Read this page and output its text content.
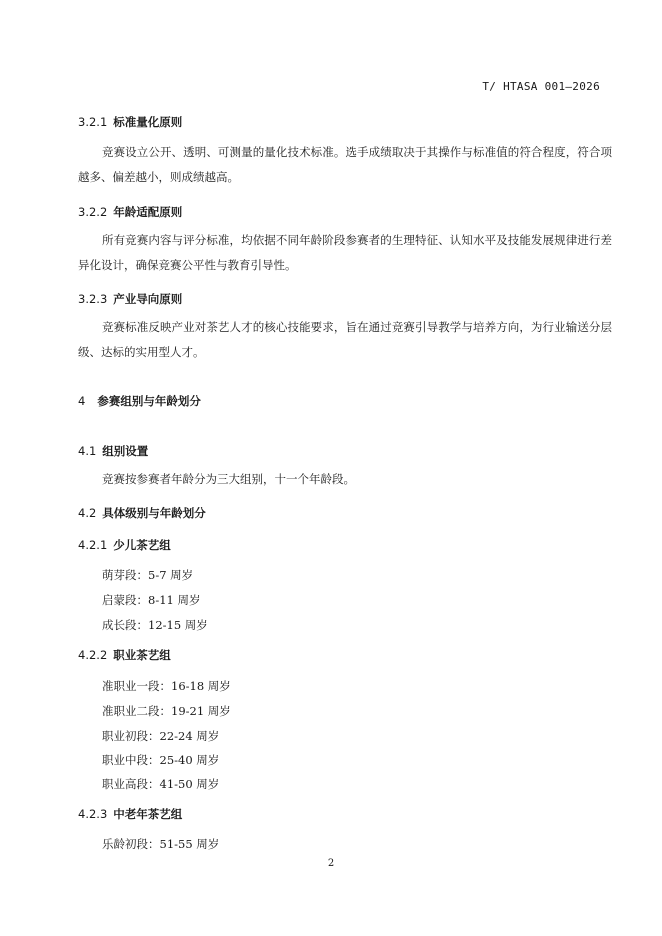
T/ HTASA 001—2026
3.2.1 标准量化原则
竞赛设立公开、透明、可测量的量化技术标准。选手成绩取决于其操作与标准值的符合程度，符合项越多、偏差越小，则成绩越高。
3.2.2 年龄适配原则
所有竞赛内容与评分标准，均依据不同年龄阶段参赛者的生理特征、认知水平及技能发展规律进行差异化设计，确保竞赛公平性与教育引导性。
3.2.3 产业导向原则
竞赛标准反映产业对茶艺人才的核心技能要求，旨在通过竞赛引导教学与培养方向，为行业输送分层级、达标的实用型人才。
4 参赛组别与年龄划分
4.1 组别设置
竞赛按参赛者年龄分为三大组别，十一个年龄段。
4.2 具体级别与年龄划分
4.2.1 少儿茶艺组
萌芽段：5-7 周岁
启蒙段：8-11 周岁
成长段：12-15 周岁
4.2.2 职业茶艺组
准职业一段：16-18 周岁
准职业二段：19-21 周岁
职业初段：22-24 周岁
职业中段：25-40 周岁
职业高段：41-50 周岁
4.2.3 中老年茶艺组
乐龄初段：51-55 周岁
2
